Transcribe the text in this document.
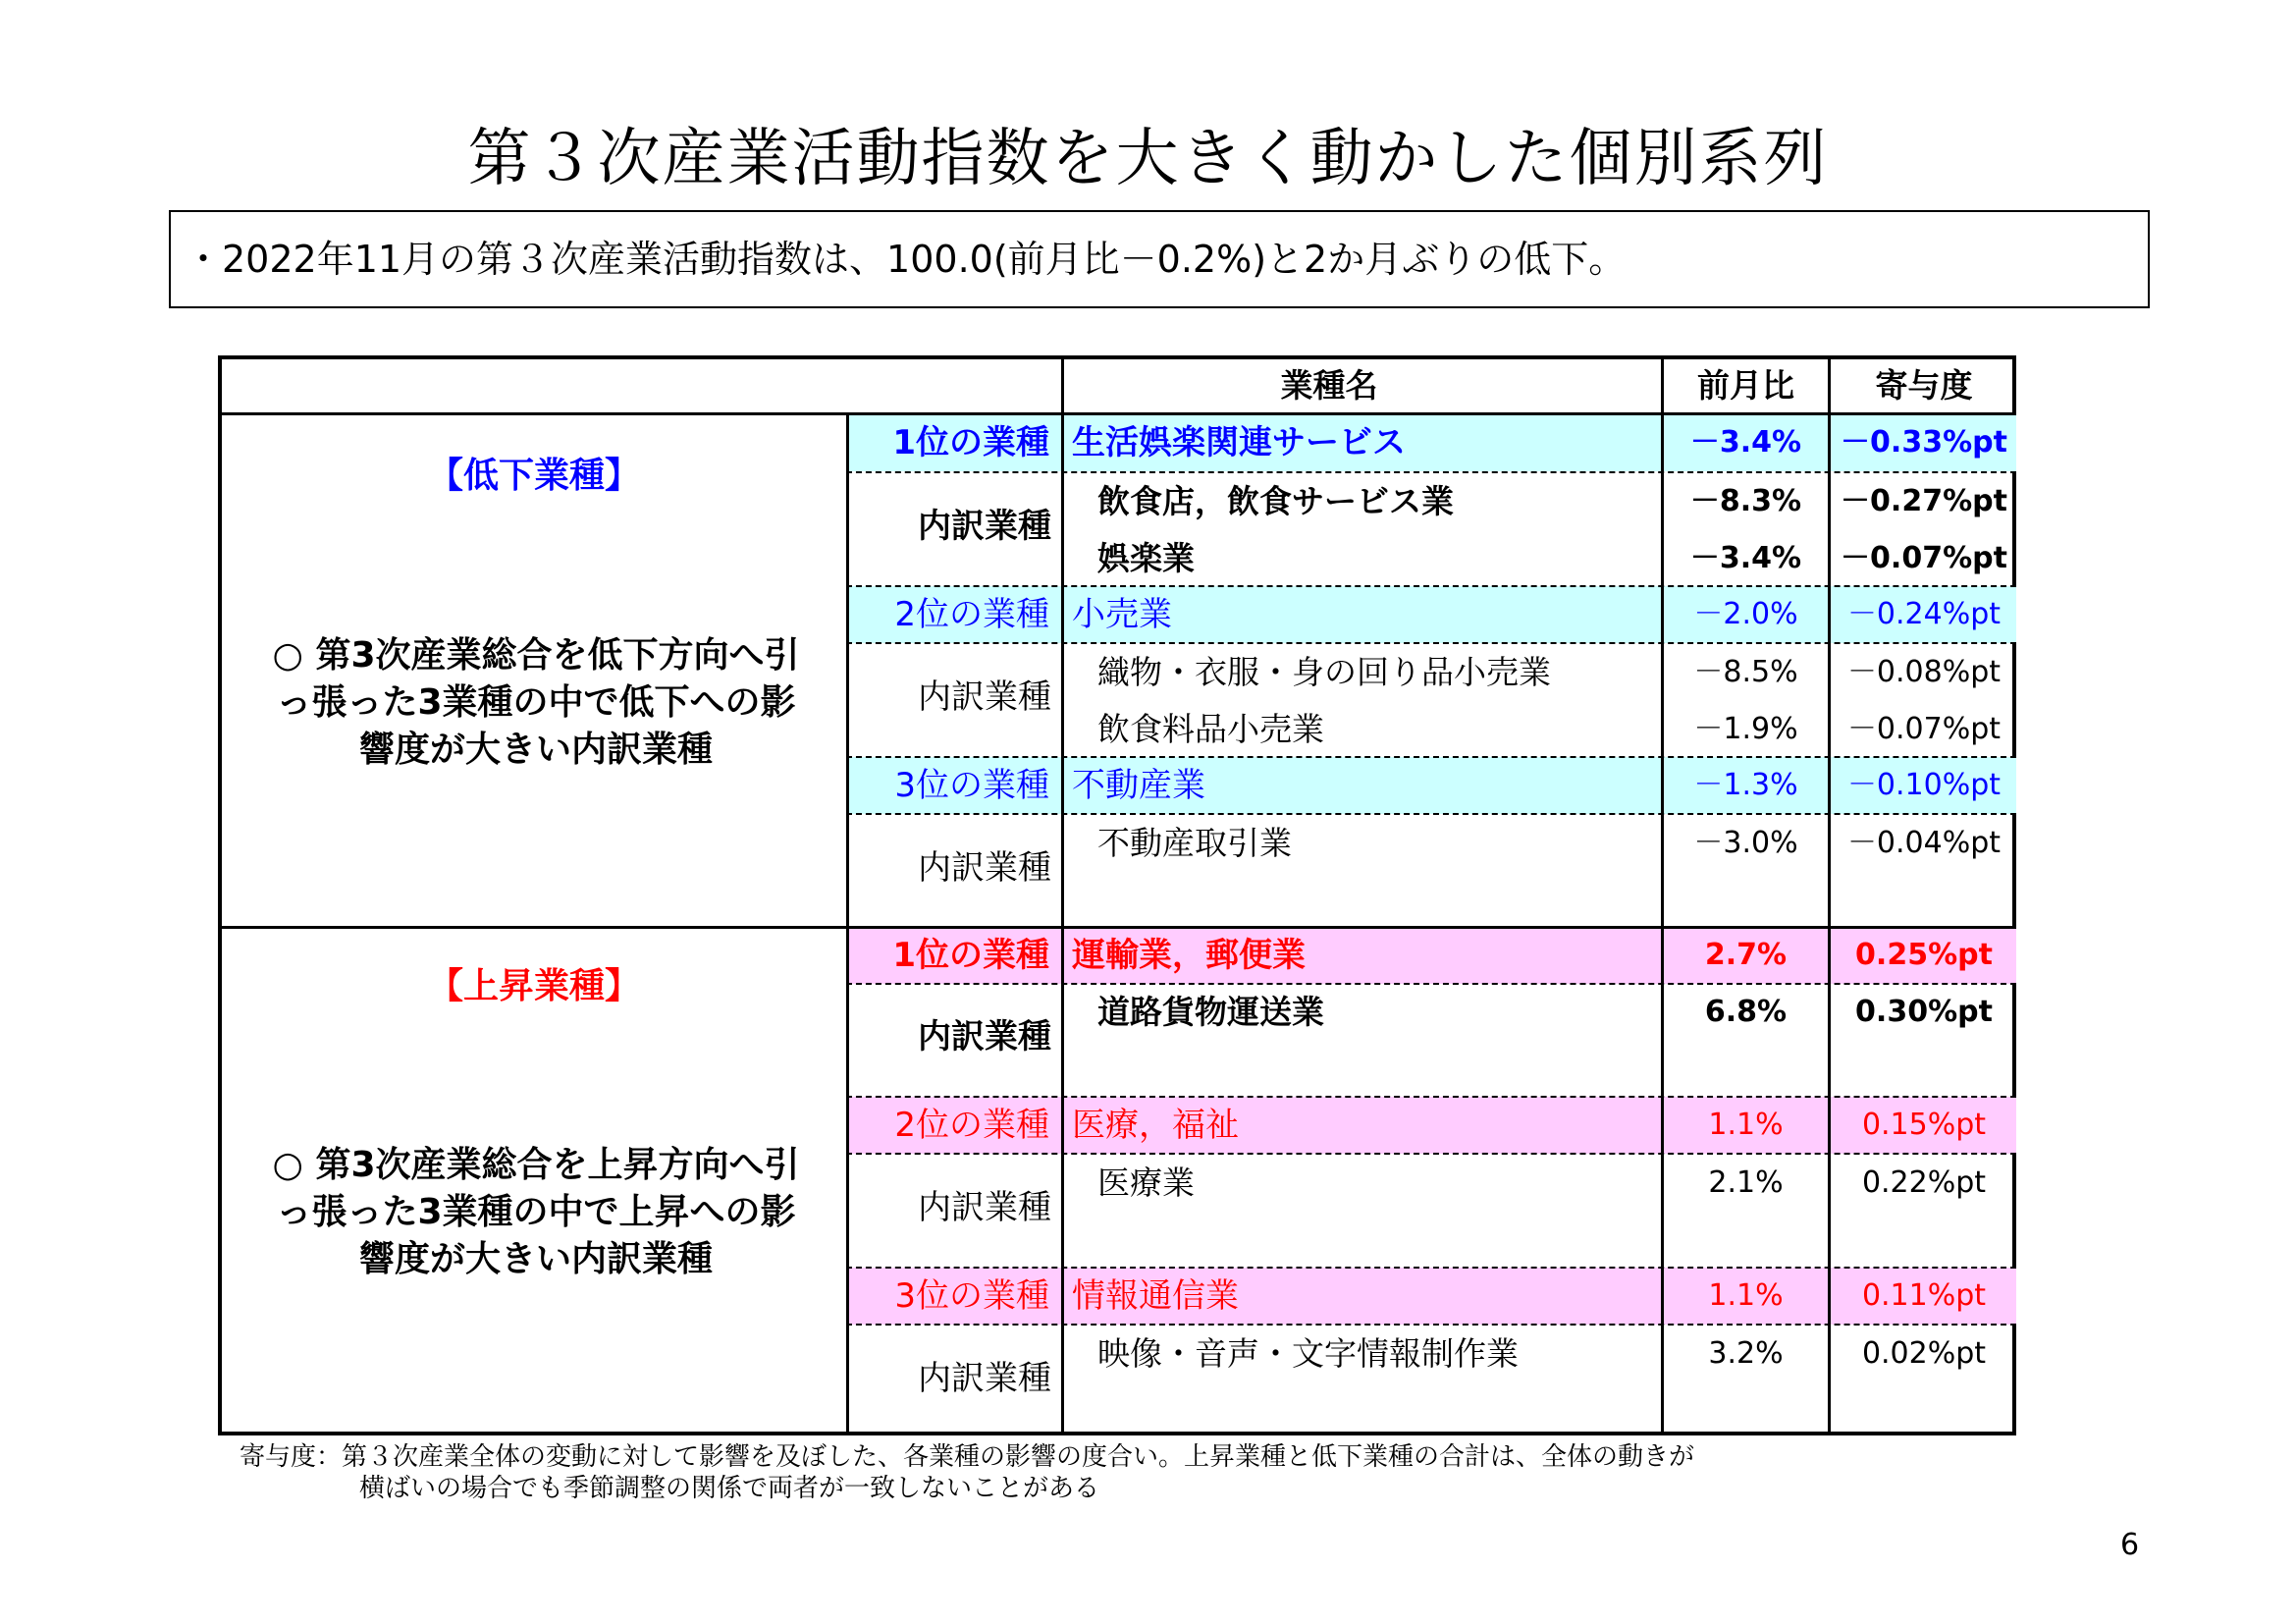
第３次産業活動指数を大きく動かした個別系列
・2022年11月の第３次産業活動指数は、100.0(前月比－0.2%)と2か月ぶりの低下。
業種名	前月比	寄与度
【低下業種】
○ 第3次産業総合を低下方向へ引っ張った3業種の中で低下への影響度が大きい内訳業種
1位の業種 生活娯楽関連サービス	－3.4%	－0.33%pt
内訳業種
飲食店，飲食サービス業	－8.3%	－0.27%pt
娯楽業	－3.4%	－0.07%pt
2位の業種 小売業	－2.0%	－0.24%pt
内訳業種
織物・衣服・身の回り品小売業	－8.5%	－0.08%pt
飲食料品小売業	－1.9%	－0.07%pt
3位の業種 不動産業	－1.3%	－0.10%pt
内訳業種
不動産取引業	－3.0%	－0.04%pt
【上昇業種】
○ 第3次産業総合を上昇方向へ引っ張った3業種の中で上昇への影響度が大きい内訳業種
1位の業種 運輸業，郵便業	2.7%	0.25%pt
内訳業種
道路貨物運送業	6.8%	0.30%pt
2位の業種 医療，福祉	1.1%	0.15%pt
内訳業種
医療業	2.1%	0.22%pt
3位の業種 情報通信業	1.1%	0.11%pt
内訳業種
映像・音声・文字情報制作業	3.2%	0.02%pt
寄与度：第３次産業全体の変動に対して影響を及ぼした、各業種の影響の度合い。上昇業種と低下業種の合計は、全体の動きが
横ばいの場合でも季節調整の関係で両者が一致しないことがある
6
